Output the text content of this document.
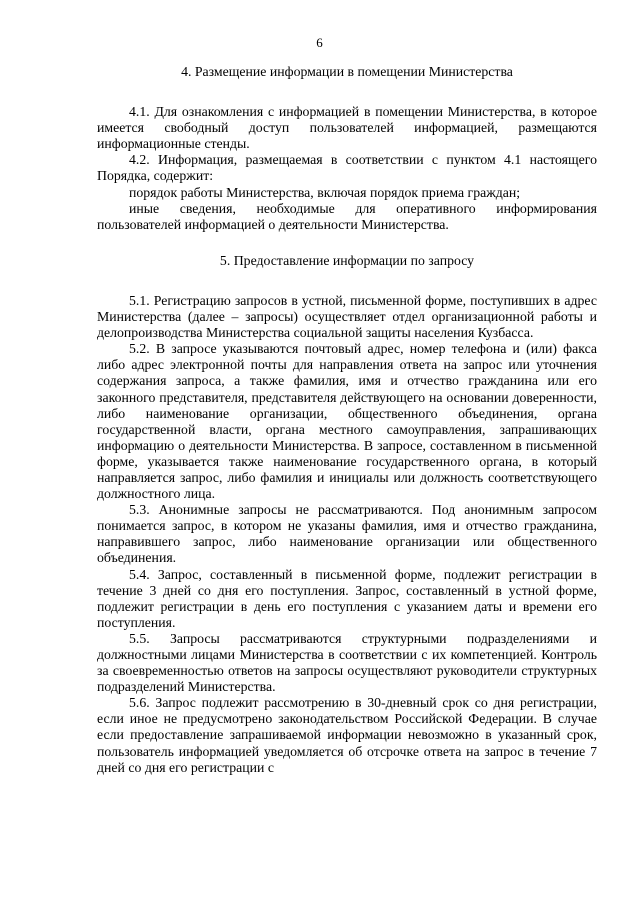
6
4. Размещение информации в помещении Министерства

4.1. Для ознакомления с информацией в помещении Министерства, в которое имеется свободный доступ пользователей информацией, размещаются информационные стенды.

4.2. Информация, размещаемая в соответствии с пунктом 4.1 настоящего Порядка, содержит:

порядок работы Министерства, включая порядок приема граждан;

иные сведения, необходимые для оперативного информирования пользователей информацией о деятельности Министерства.

5. Предоставление информации по запросу

5.1. Регистрацию запросов в устной, письменной форме, поступивших в адрес Министерства (далее – запросы) осуществляет отдел организационной работы и делопроизводства Министерства социальной защиты населения Кузбасса.

5.2. В запросе указываются почтовый адрес, номер телефона и (или) факса либо адрес электронной почты для направления ответа на запрос или уточнения содержания запроса, а также фамилия, имя и отчество гражданина или его законного представителя, представителя действующего на основании доверенности, либо наименование организации, общественного объединения, органа государственной власти, органа местного самоуправления, запрашивающих информацию о деятельности Министерства. В запросе, составленном в письменной форме, указывается также наименование государственного органа, в который направляется запрос, либо фамилия и инициалы или должность соответствующего должностного лица.

5.3. Анонимные запросы не рассматриваются. Под анонимным запросом понимается запрос, в котором не указаны фамилия, имя и отчество гражданина, направившего запрос, либо наименование организации или общественного объединения.

5.4. Запрос, составленный в письменной форме, подлежит регистрации в течение 3 дней со дня его поступления. Запрос, составленный в устной форме, подлежит регистрации в день его поступления с указанием даты и времени его поступления.

5.5. Запросы рассматриваются структурными подразделениями и должностными лицами Министерства в соответствии с их компетенцией. Контроль за своевременностью ответов на запросы осуществляют руководители структурных подразделений Министерства.

5.6. Запрос подлежит рассмотрению в 30-дневный срок со дня регистрации, если иное не предусмотрено законодательством Российской Федерации. В случае если предоставление запрашиваемой информации невозможно в указанный срок, пользователь информацией уведомляется об отсрочке ответа на запрос в течение 7 дней со дня его регистрации с
